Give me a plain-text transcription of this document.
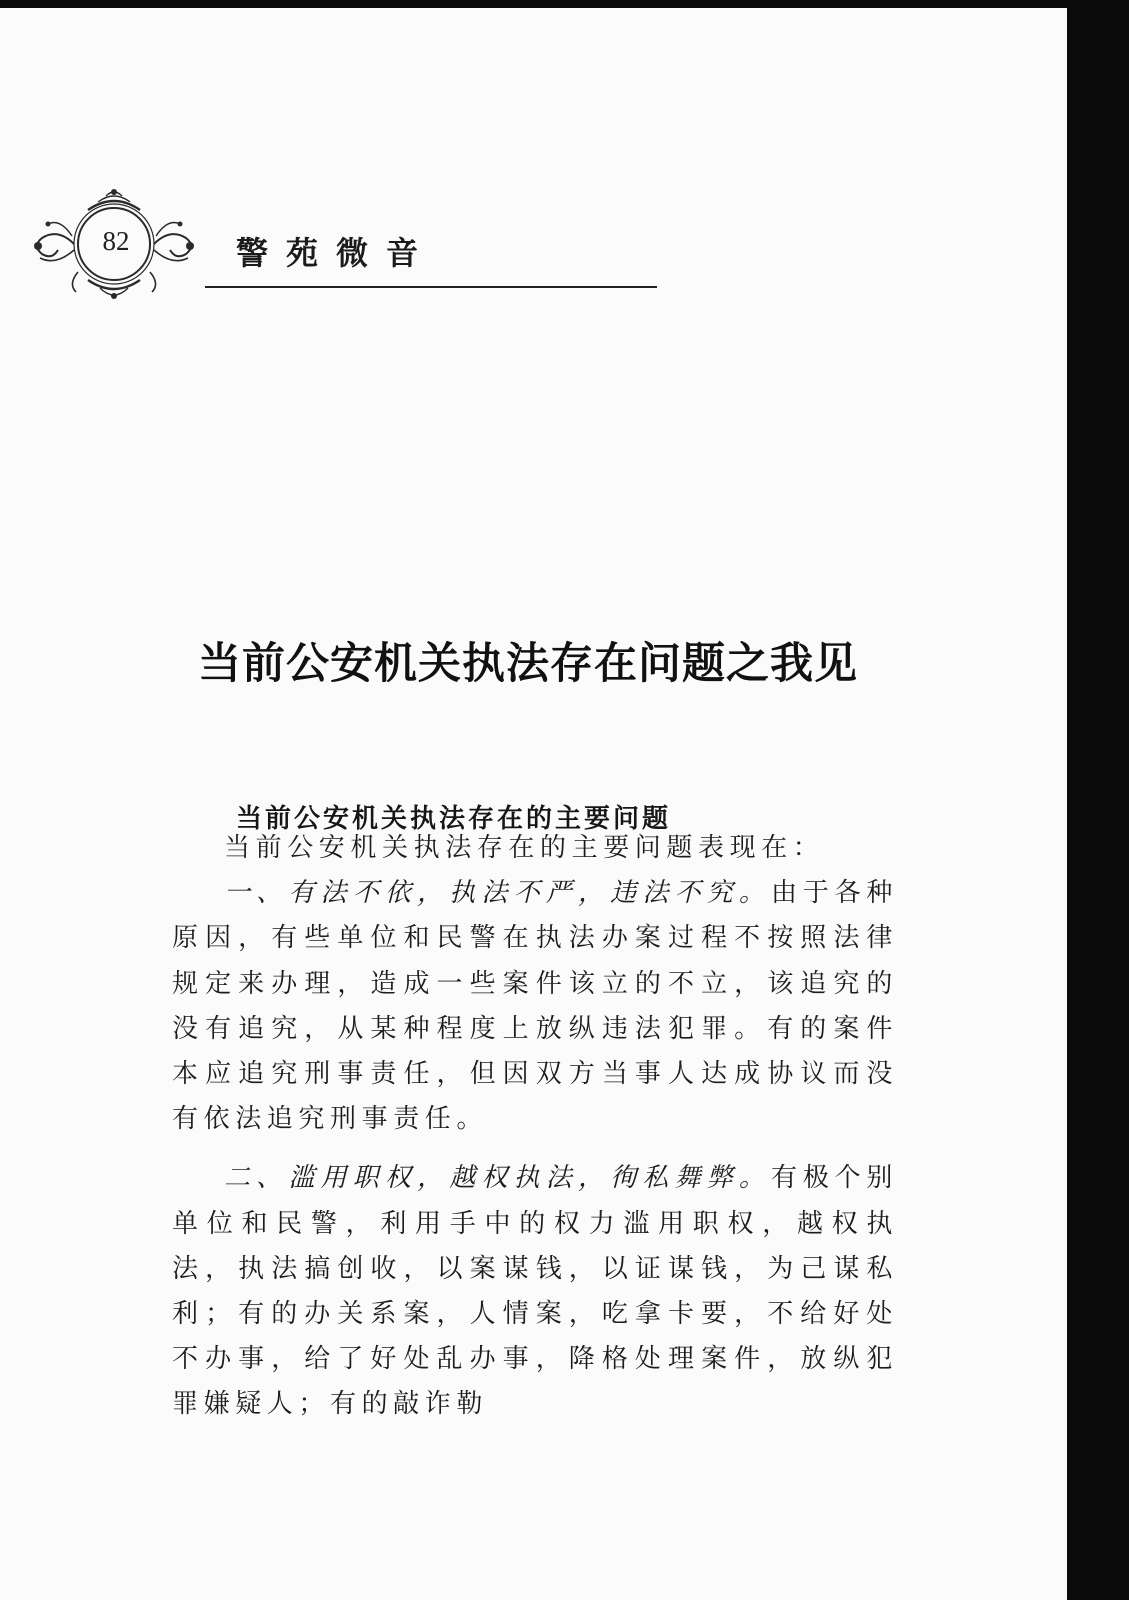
82	警苑微音
当前公安机关执法存在问题之我见
当前公安机关执法存在的主要问题

当前公安机关执法存在的主要问题表现在：

一、有法不依，执法不严，违法不究。由于各种原因，有些单位和民警在执法办案过程不按照法律规定来办理，造成一些案件该立的不立，该追究的没有追究，从某种程度上放纵违法犯罪。有的案件本应追究刑事责任，但因双方当事人达成协议而没有依法追究刑事责任。

二、滥用职权，越权执法，徇私舞弊。有极个别单位和民警，利用手中的权力滥用职权，越权执法，执法搞创收，以案谋钱，以证谋钱，为己谋私利；有的办关系案，人情案，吃拿卡要，不给好处不办事，给了好处乱办事，降格处理案件，放纵犯罪嫌疑人；有的敲诈勒
